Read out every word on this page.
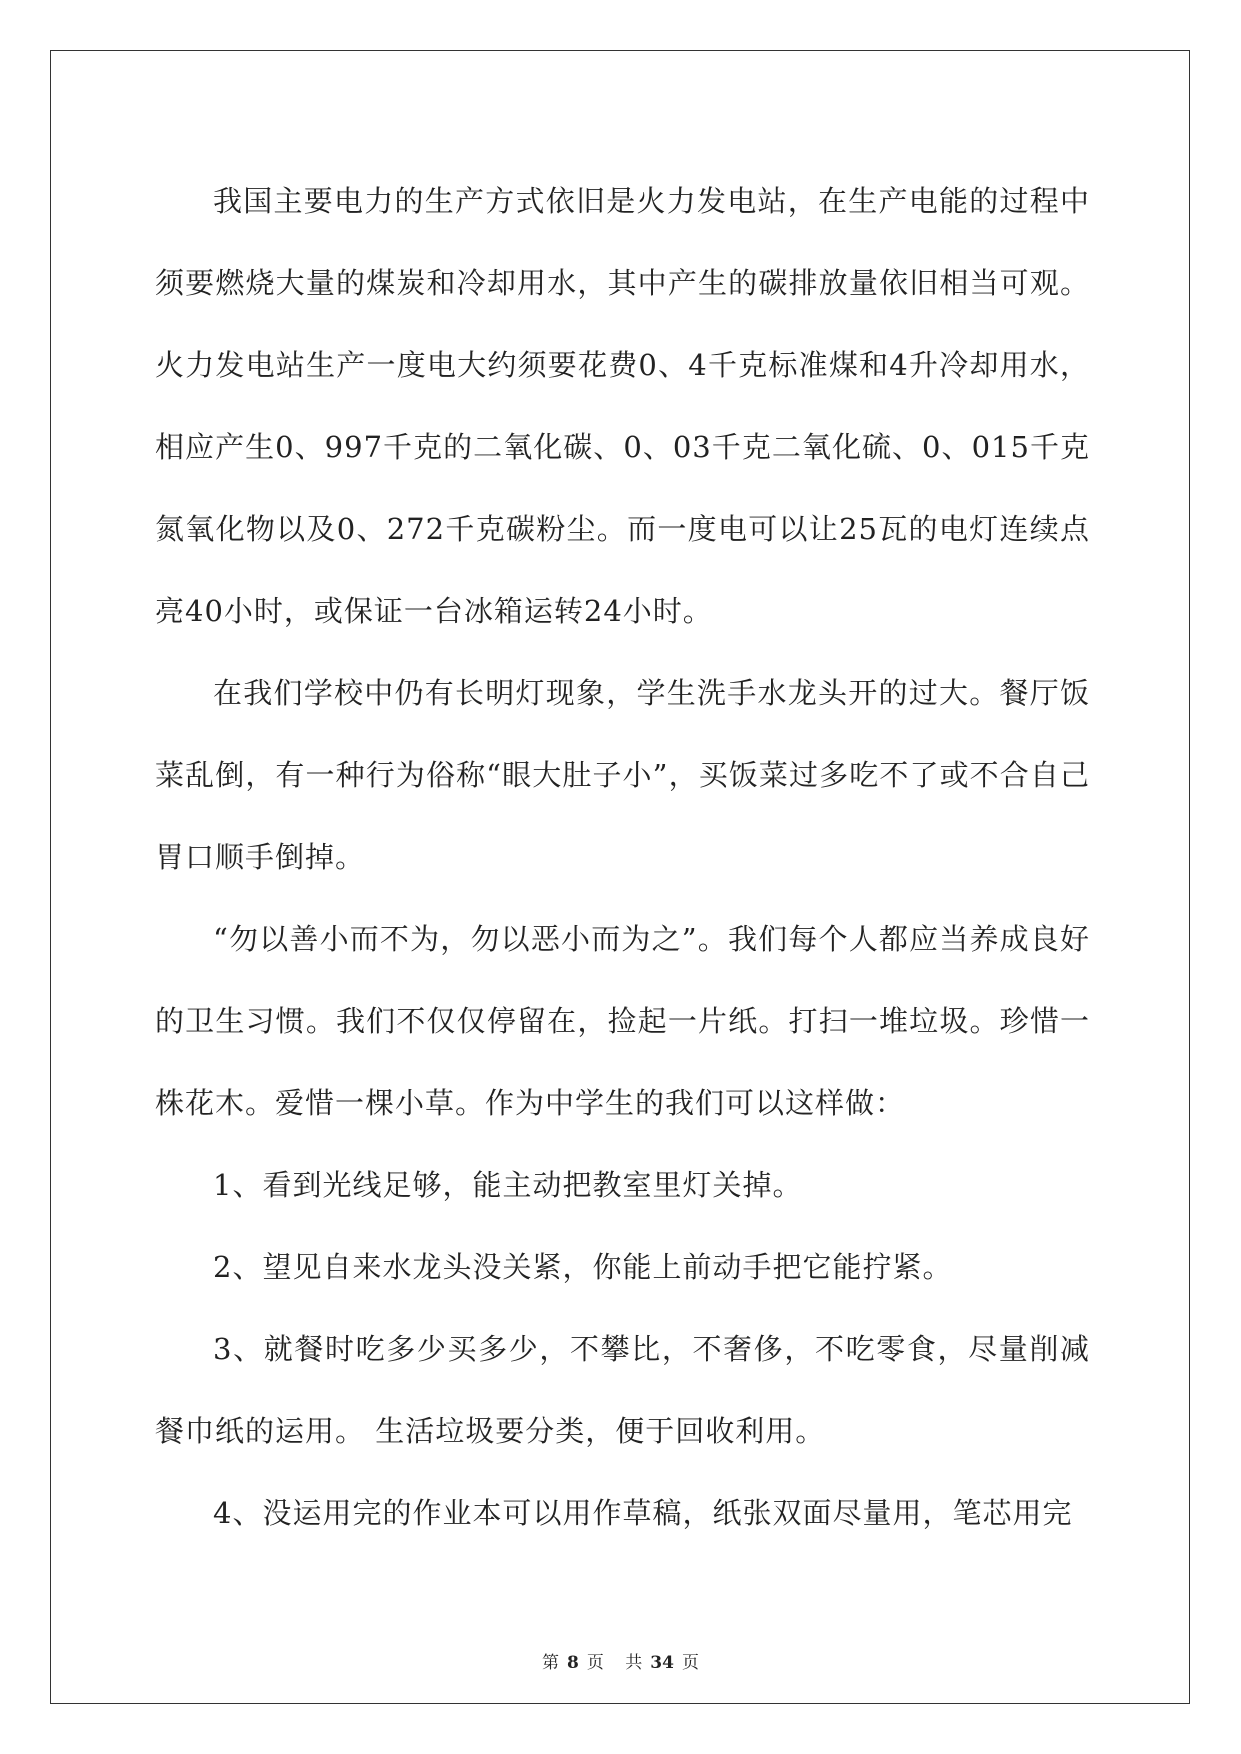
我国主要电力的生产方式依旧是火力发电站，在生产电能的过程中须要燃烧大量的煤炭和冷却用水，其中产生的碳排放量依旧相当可观。火力发电站生产一度电大约须要花费0、4千克标准煤和4升冷却用水，相应产生0、997千克的二氧化碳、0、03千克二氧化硫、0、015千克氮氧化物以及0、272千克碳粉尘。而一度电可以让25瓦的电灯连续点亮40小时，或保证一台冰箱运转24小时。

在我们学校中仍有长明灯现象，学生洗手水龙头开的过大。餐厅饭菜乱倒，有一种行为俗称“眼大肚子小”，买饭菜过多吃不了或不合自己胃口顺手倒掉。

“勿以善小而不为，勿以恶小而为之”。我们每个人都应当养成良好的卫生习惯。我们不仅仅停留在，捡起一片纸。打扫一堆垃圾。珍惜一株花木。爱惜一棵小草。作为中学生的我们可以这样做：

1、看到光线足够，能主动把教室里灯关掉。

2、望见自来水龙头没关紧，你能上前动手把它能拧紧。

3、就餐时吃多少买多少，不攀比，不奢侈，不吃零食，尽量削减餐巾纸的运用。 生活垃圾要分类，便于回收利用。

4、没运用完的作业本可以用作草稿，纸张双面尽量用，笔芯用完

第 8 页 共 34 页
